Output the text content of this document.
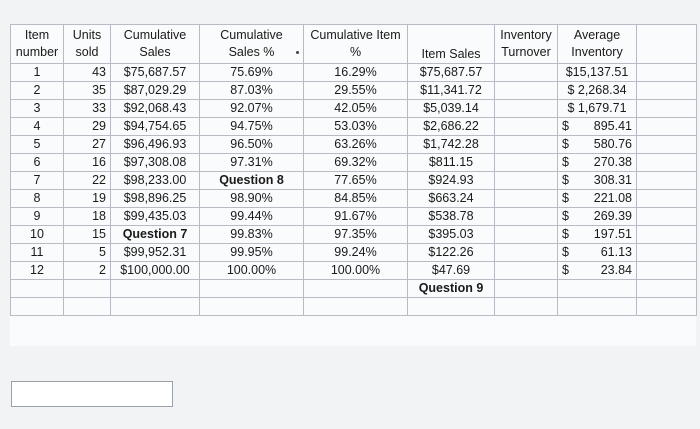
Item number	Units sold	Cumulative Sales	Cumulative Sales %	Cumulative Item %	Item Sales	Inventory Turnover	Average Inventory	
1	43	$75,687.57	75.69%	16.29%	$75,687.57		$15,137.51	

2	35	$87,029.29	87.03%	29.55%	$11,341.72		$ 2,268.34	

3	33	$92,068.43	92.07%	42.05%	$5,039.14		$ 1,679.71	

4	29	$94,754.65	94.75%	53.03%	$2,686.22		$ 895.41	

5	27	$96,496.93	96.50%	63.26%	$1,742.28		$ 580.76	

6	16	$97,308.08	97.31%	69.32%	$811.15		$ 270.38	

7	22	$98,233.00	Question 8	77.65%	$924.93		$ 308.31	

8	19	$98,896.25	98.90%	84.85%	$663.24		$ 221.08	

9	18	$99,435.03	99.44%	91.67%	$538.78		$ 269.39	

10	15	Question 7	99.83%	97.35%	$395.03		$ 197.51	

11	5	$99,952.31	99.95%	99.24%	$122.26		$ 61.13	

12	2	$100,000.00	100.00%	100.00%	$47.69		$ 23.84	

					Question 9			
